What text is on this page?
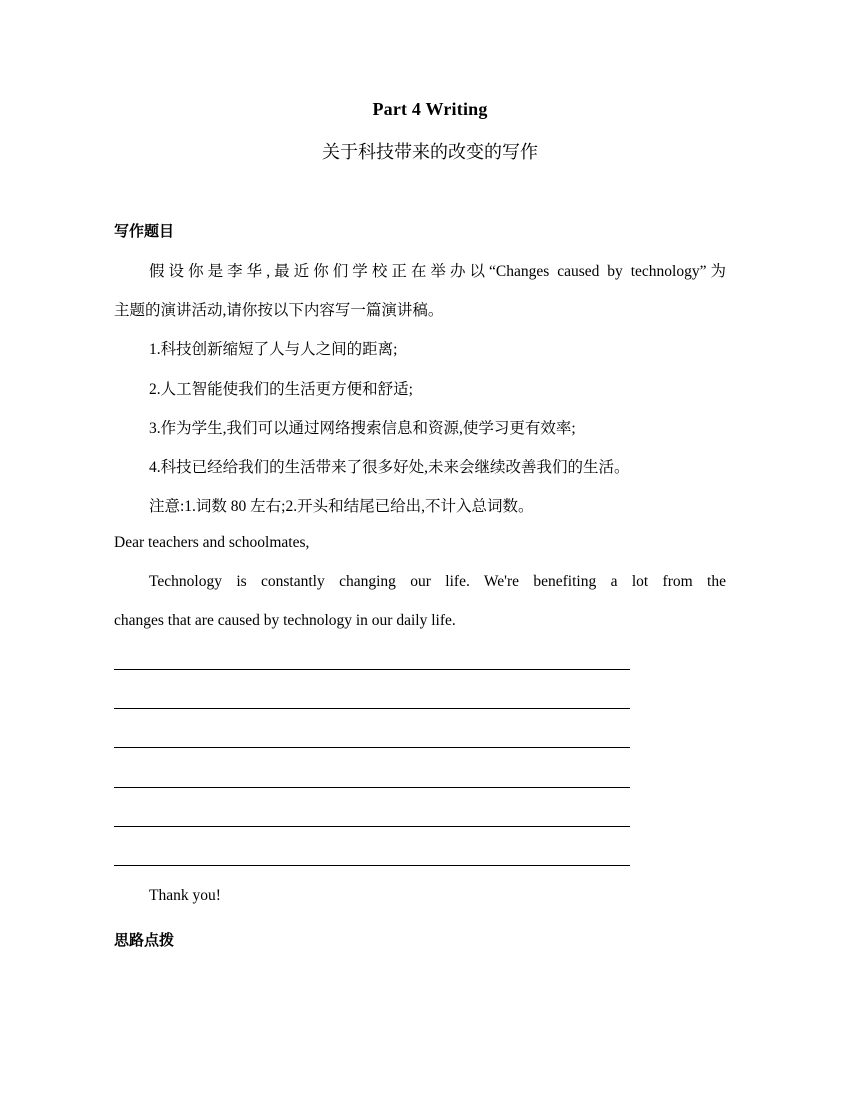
Part 4 Writing
关于科技带来的改变的写作
写作题目
假设你是李华,最近你们学校正在举办以“Changes caused by technology”为
主题的演讲活动,请你按以下内容写一篇演讲稿。
1.科技创新缩短了人与人之间的距离;
2.人工智能使我们的生活更方便和舒适;
3.作为学生,我们可以通过网络搜索信息和资源,使学习更有效率;
4.科技已经给我们的生活带来了很多好处,未来会继续改善我们的生活。
注意:1.词数 80 左右;2.开头和结尾已给出,不计入总词数。
Dear teachers and schoolmates,
Technology is constantly changing our life. We're benefiting a lot from the
changes that are caused by technology in our daily life.
Thank you!
思路点拨
